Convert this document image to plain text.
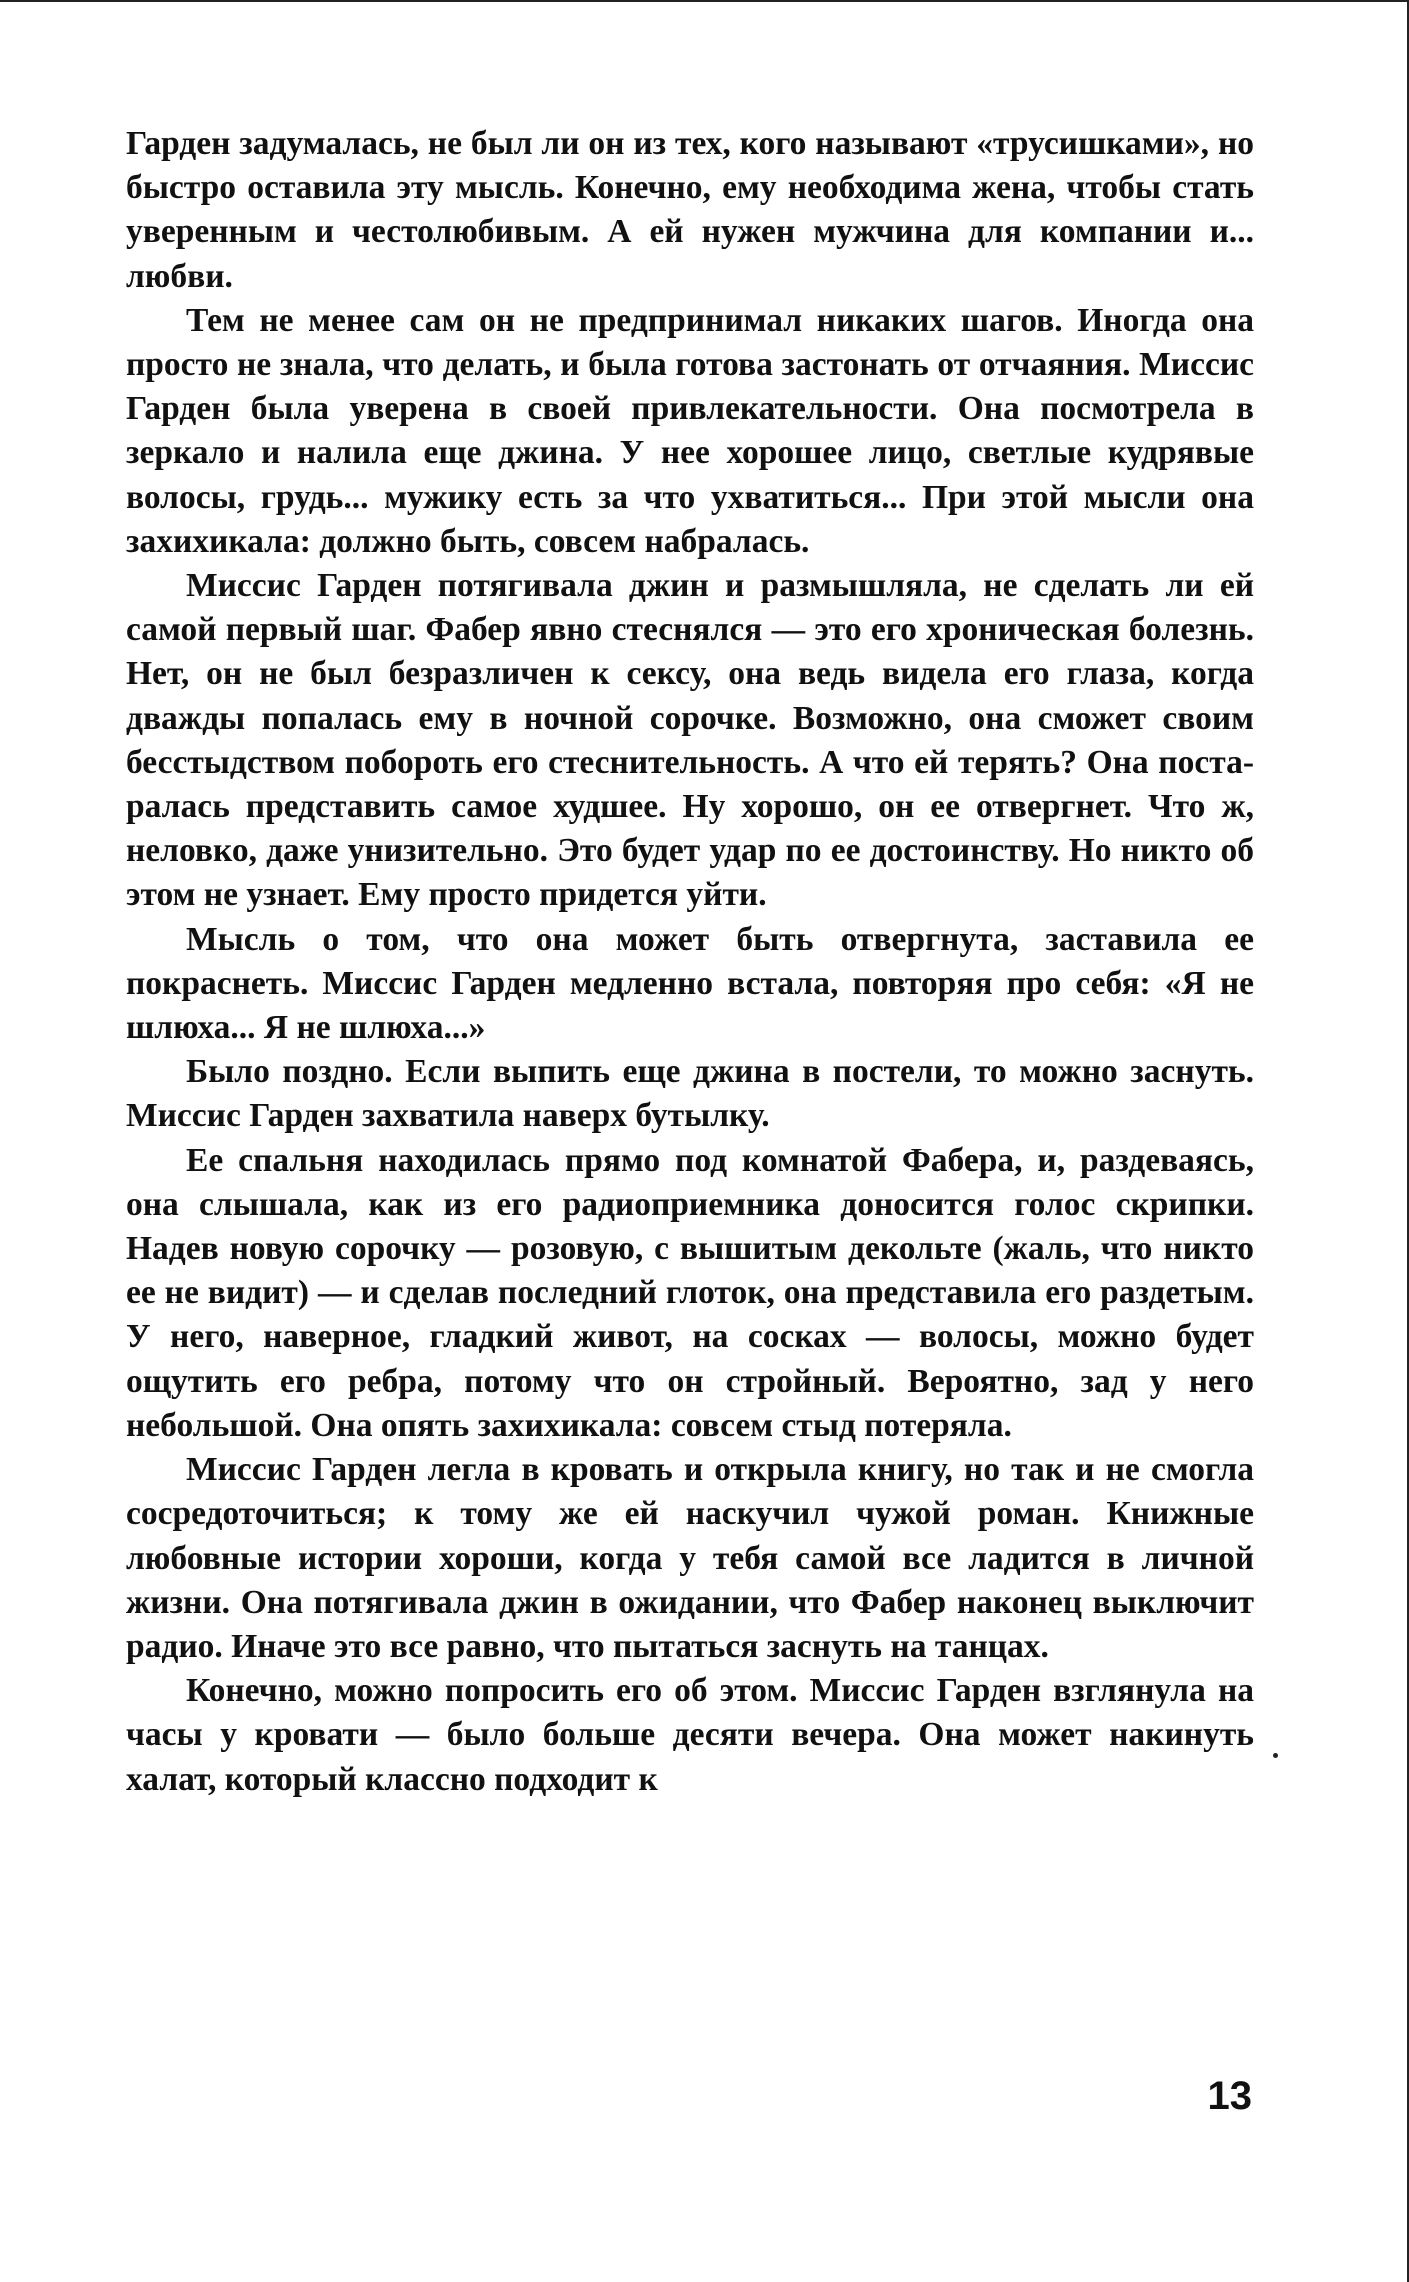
Гарден задумалась, не был ли он из тех, кого называют «трусишками», но быстро оставила эту мысль. Конечно, ему необходима жена, чтобы стать уверенным и честолюбивым. А ей нужен мужчина для компании и... любви.

Тем не менее сам он не предпринимал никаких шагов. Иногда она просто не знала, что делать, и была готова застонать от отчаяния. Миссис Гарден была уверена в своей привлекательности. Она посмотрела в зеркало и налила еще джина. У нее хорошее лицо, светлые кудрявые волосы, грудь... мужику есть за что ухватиться... При этой мысли она захихикала: должно быть, совсем набралась.

Миссис Гарден потягивала джин и размышляла, не сделать ли ей самой первый шаг. Фабер явно стеснялся — это его хроническая болезнь. Нет, он не был безразличен к сексу, она ведь видела его глаза, когда дважды попалась ему в ночной сорочке. Возможно, она сможет своим бесстыдством побороть его стеснительность. А что ей терять? Она постаралась представить самое худшее. Ну хорошо, он ее отвергнет. Что ж, неловко, даже унизительно. Это будет удар по ее достоинству. Но никто об этом не узнает. Ему просто придется уйти.

Мысль о том, что она может быть отвергнута, заставила ее покраснеть. Миссис Гарден медленно встала, повторяя про себя: «Я не шлюха... Я не шлюха...»

Было поздно. Если выпить еще джина в постели, то можно заснуть. Миссис Гарден захватила наверх бутылку.

Ее спальня находилась прямо под комнатой Фабера, и, раздеваясь, она слышала, как из его радиоприемника доносится голос скрипки. Надев новую сорочку — розовую, с вышитым декольте (жаль, что никто ее не видит) — и сделав последний глоток, она представила его раздетым. У него, наверное, гладкий живот, на сосках — волосы, можно будет ощутить его ребра, потому что он стройный. Вероятно, зад у него небольшой. Она опять захихикала: совсем стыд потеряла.

Миссис Гарден легла в кровать и открыла книгу, но так и не смогла сосредоточиться; к тому же ей наскучил чужой роман. Книжные любовные истории хороши, когда у тебя самой все ладится в личной жизни. Она потягивала джин в ожидании, что Фабер наконец выключит радио. Иначе это все равно, что пытаться заснуть на танцах.

Конечно, можно попросить его об этом. Миссис Гарден взглянула на часы у кровати — было больше десяти вечера. Она может накинуть халат, который классно подходит к

13
